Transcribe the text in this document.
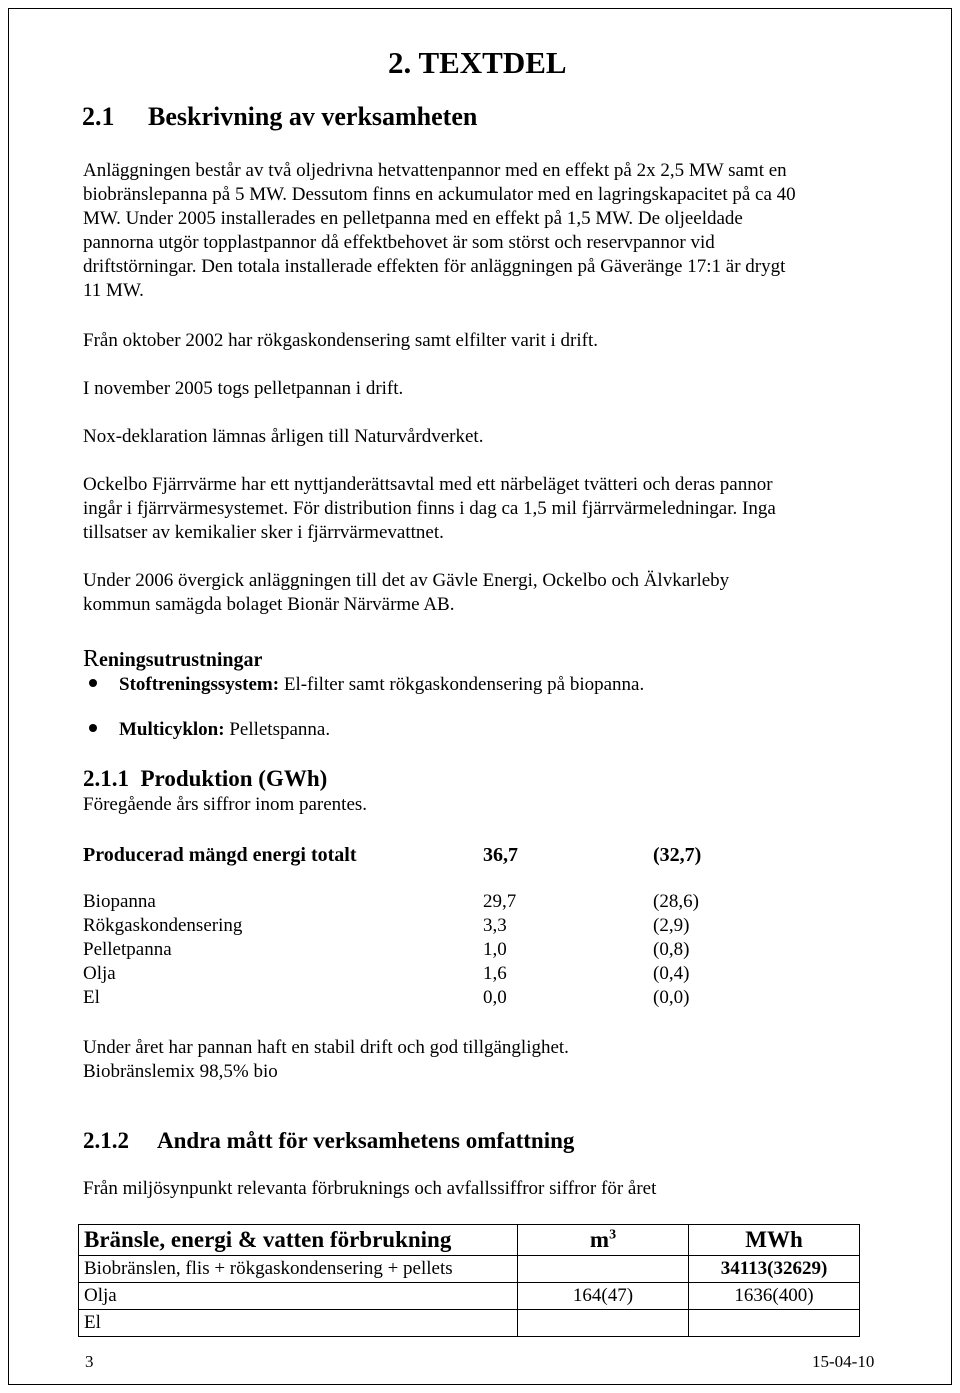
2. TEXTDEL
2.1 Beskrivning av verksamheten
Anläggningen består av två oljedrivna hetvattenpannor med en effekt på 2x 2,5 MW samt en
biobränslepanna på 5 MW. Dessutom finns en ackumulator med en lagringskapacitet på ca 40
MW. Under 2005 installerades en pelletpanna med en effekt på 1,5 MW. De oljeeldade
pannorna utgör topplastpannor då effektbehovet är som störst och reservpannor vid
driftstörningar. Den totala installerade effekten för anläggningen på Gäveränge 17:1 är drygt
11 MW.
Från oktober 2002 har rökgaskondensering samt elfilter varit i drift.
I november 2005 togs pelletpannan i drift.
Nox-deklaration lämnas årligen till Naturvårdverket.
Ockelbo Fjärrvärme har ett nyttjanderättsavtal med ett närbeläget tvätteri och deras pannor
ingår i fjärrvärmesystemet. För distribution finns i dag ca 1,5 mil fjärrvärmeledningar. Inga
tillsatser av kemikalier sker i fjärrvärmevattnet.
Under 2006 övergick anläggningen till det av Gävle Energi, Ockelbo och Älvkarleby
kommun samägda bolaget Bionär Närvärme AB.
Reningsutrustningar
Stoftreningssystem: El-filter samt rökgaskondensering på biopanna.
Multicyklon: Pelletspanna.
2.1.1 Produktion (GWh)
Föregående års siffror inom parentes.
Producerad mängd energi totalt	36,7	(32,7)
Biopanna	29,7	(28,6)
Rökgaskondensering	3,3	(2,9)
Pelletpanna	1,0	(0,8)
Olja	1,6	(0,4)
El	0,0	(0,0)
Under året har pannan haft en stabil drift och god tillgänglighet.
Biobränslemix 98,5% bio
2.1.2 Andra mått för verksamhetens omfattning
Från miljösynpunkt relevanta förbruknings och avfallssiffror siffror för året
Bränsle, energi & vatten förbrukning	$m^3$	MWh
Biobränslen, flis + rökgaskondensering + pellets		34113(32629)
Olja	164(47)	1636(400)
El		
3	15-04-10
